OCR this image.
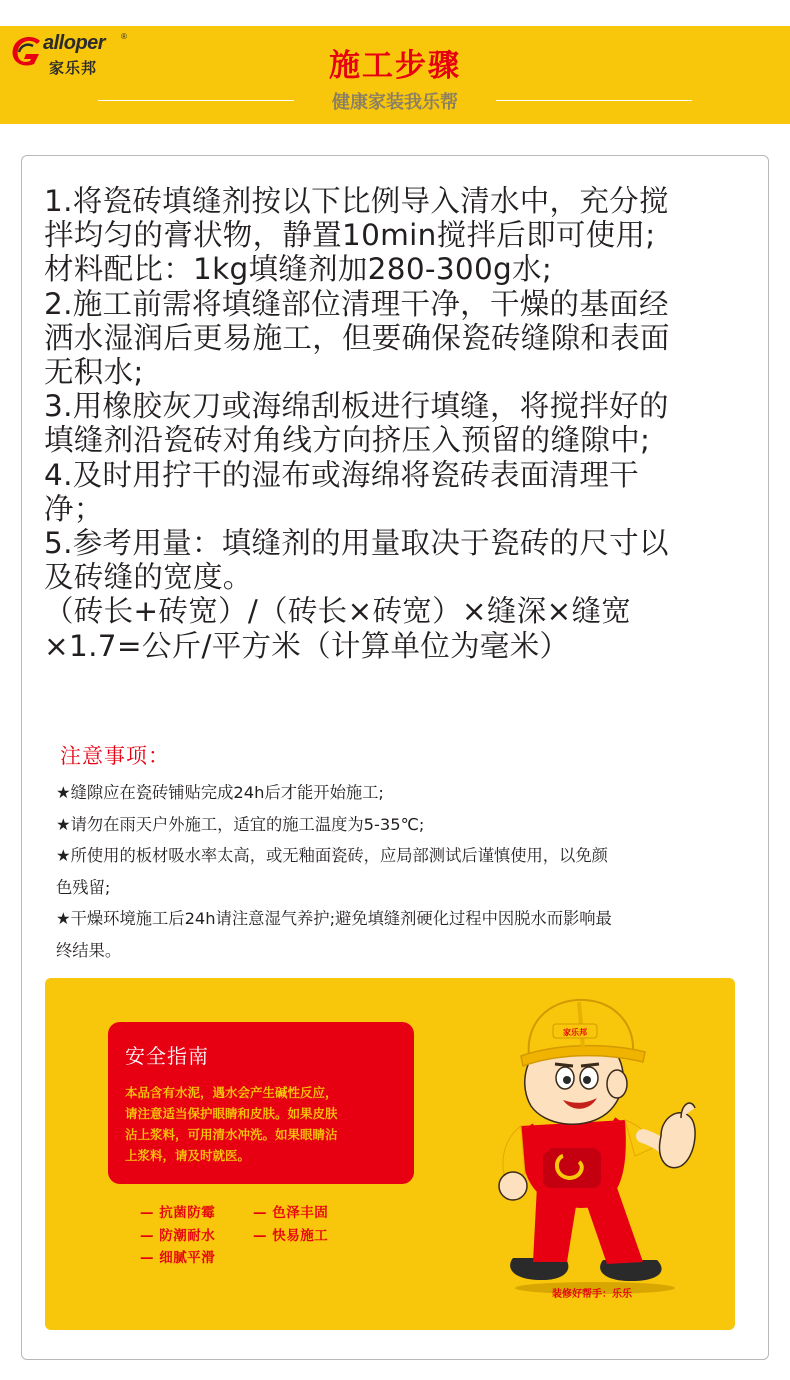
alloper ®
家乐邦	施工步骤
健康家装我乐帮
1.将瓷砖填缝剂按以下比例导入清水中，充分搅
拌均匀的膏状物，静置10min搅拌后即可使用;
材料配比：1kg填缝剂加280-300g水;
2.施工前需将填缝部位清理干净，干燥的基面经
洒水湿润后更易施工，但要确保瓷砖缝隙和表面
无积水;
3.用橡胶灰刀或海绵刮板进行填缝，将搅拌好的
填缝剂沿瓷砖对角线方向挤压入预留的缝隙中;
4.及时用拧干的湿布或海绵将瓷砖表面清理干
净；
5.参考用量：填缝剂的用量取决于瓷砖的尺寸以
及砖缝的宽度。
（砖长+砖宽）/（砖长×砖宽）×缝深×缝宽
×1.7=公斤/平方米（计算单位为毫米）
注意事项：
★缝隙应在瓷砖铺贴完成24h后才能开始施工;
★请勿在雨天户外施工，适宜的施工温度为5-35℃;
★所使用的板材吸水率太高，或无釉面瓷砖，应局部测试后谨慎使用，以免颜
色残留;
★干燥环境施工后24h请注意湿气养护;避免填缝剂硬化过程中因脱水而影响最
终结果。
安全指南
本品含有水泥，遇水会产生碱性反应，
请注意适当保护眼睛和皮肤。如果皮肤
沾上浆料，可用清水冲洗。如果眼睛沾
上浆料，请及时就医。
— 抗菌防霉	— 色泽丰固
— 防潮耐水	— 快易施工
— 细腻平滑
家乐邦
装修好帮手：乐乐
